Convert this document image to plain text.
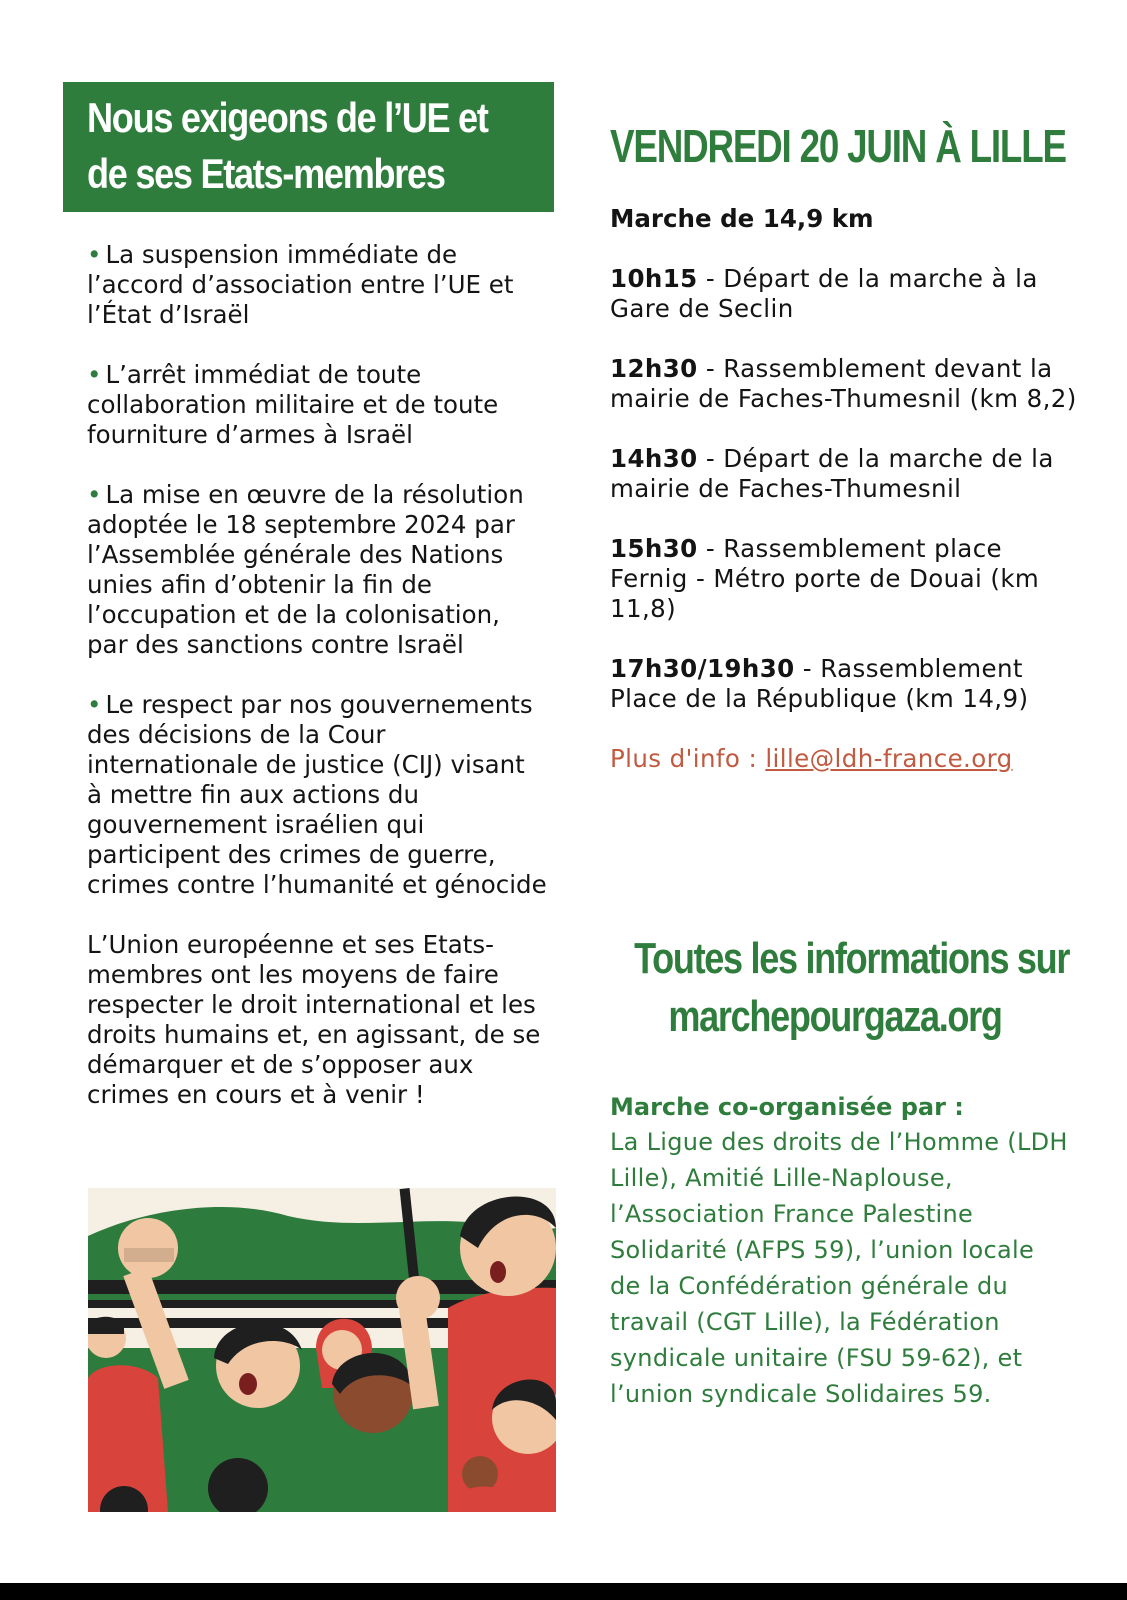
Nous exigeons de l’UE et
de ses Etats-membres

• La suspension immédiate de l’accord d’association entre l’UE et l’État d’Israël

• L’arrêt immédiat de toute collaboration militaire et de toute fourniture d’armes à Israël

• La mise en œuvre de la résolution adoptée le 18 septembre 2024 par l’Assemblée générale des Nations unies afin d’obtenir la fin de l’occupation et de la colonisation, par des sanctions contre Israël

• Le respect par nos gouvernements des décisions de la Cour internationale de justice (CIJ) visant à mettre fin aux actions du gouvernement israélien qui participent des crimes de guerre, crimes contre l’humanité et génocide

L’Union européenne et ses Etats-membres ont les moyens de faire respecter le droit international et les droits humains et, en agissant, de se démarquer et de s’opposer aux crimes en cours et à venir !

VENDREDI 20 JUIN À LILLE

Marche de 14,9 km

10h15 - Départ de la marche à la Gare de Seclin

12h30 - Rassemblement devant la mairie de Faches-Thumesnil (km 8,2)

14h30 - Départ de la marche de la mairie de Faches-Thumesnil

15h30 - Rassemblement place Fernig - Métro porte de Douai (km 11,8)

17h30/19h30 - Rassemblement Place de la République (km 14,9)

Plus d'info : lille@ldh-france.org

Toutes les informations sur
marchepourgaza.org
Marche co-organisée par :

La Ligue des droits de l’Homme (LDH Lille), Amitié Lille-Naplouse, l’Association France Palestine Solidarité (AFPS 59), l’union locale de la Confédération générale du travail (CGT Lille), la Fédération syndicale unitaire (FSU 59-62), et l’union syndicale Solidaires 59.
